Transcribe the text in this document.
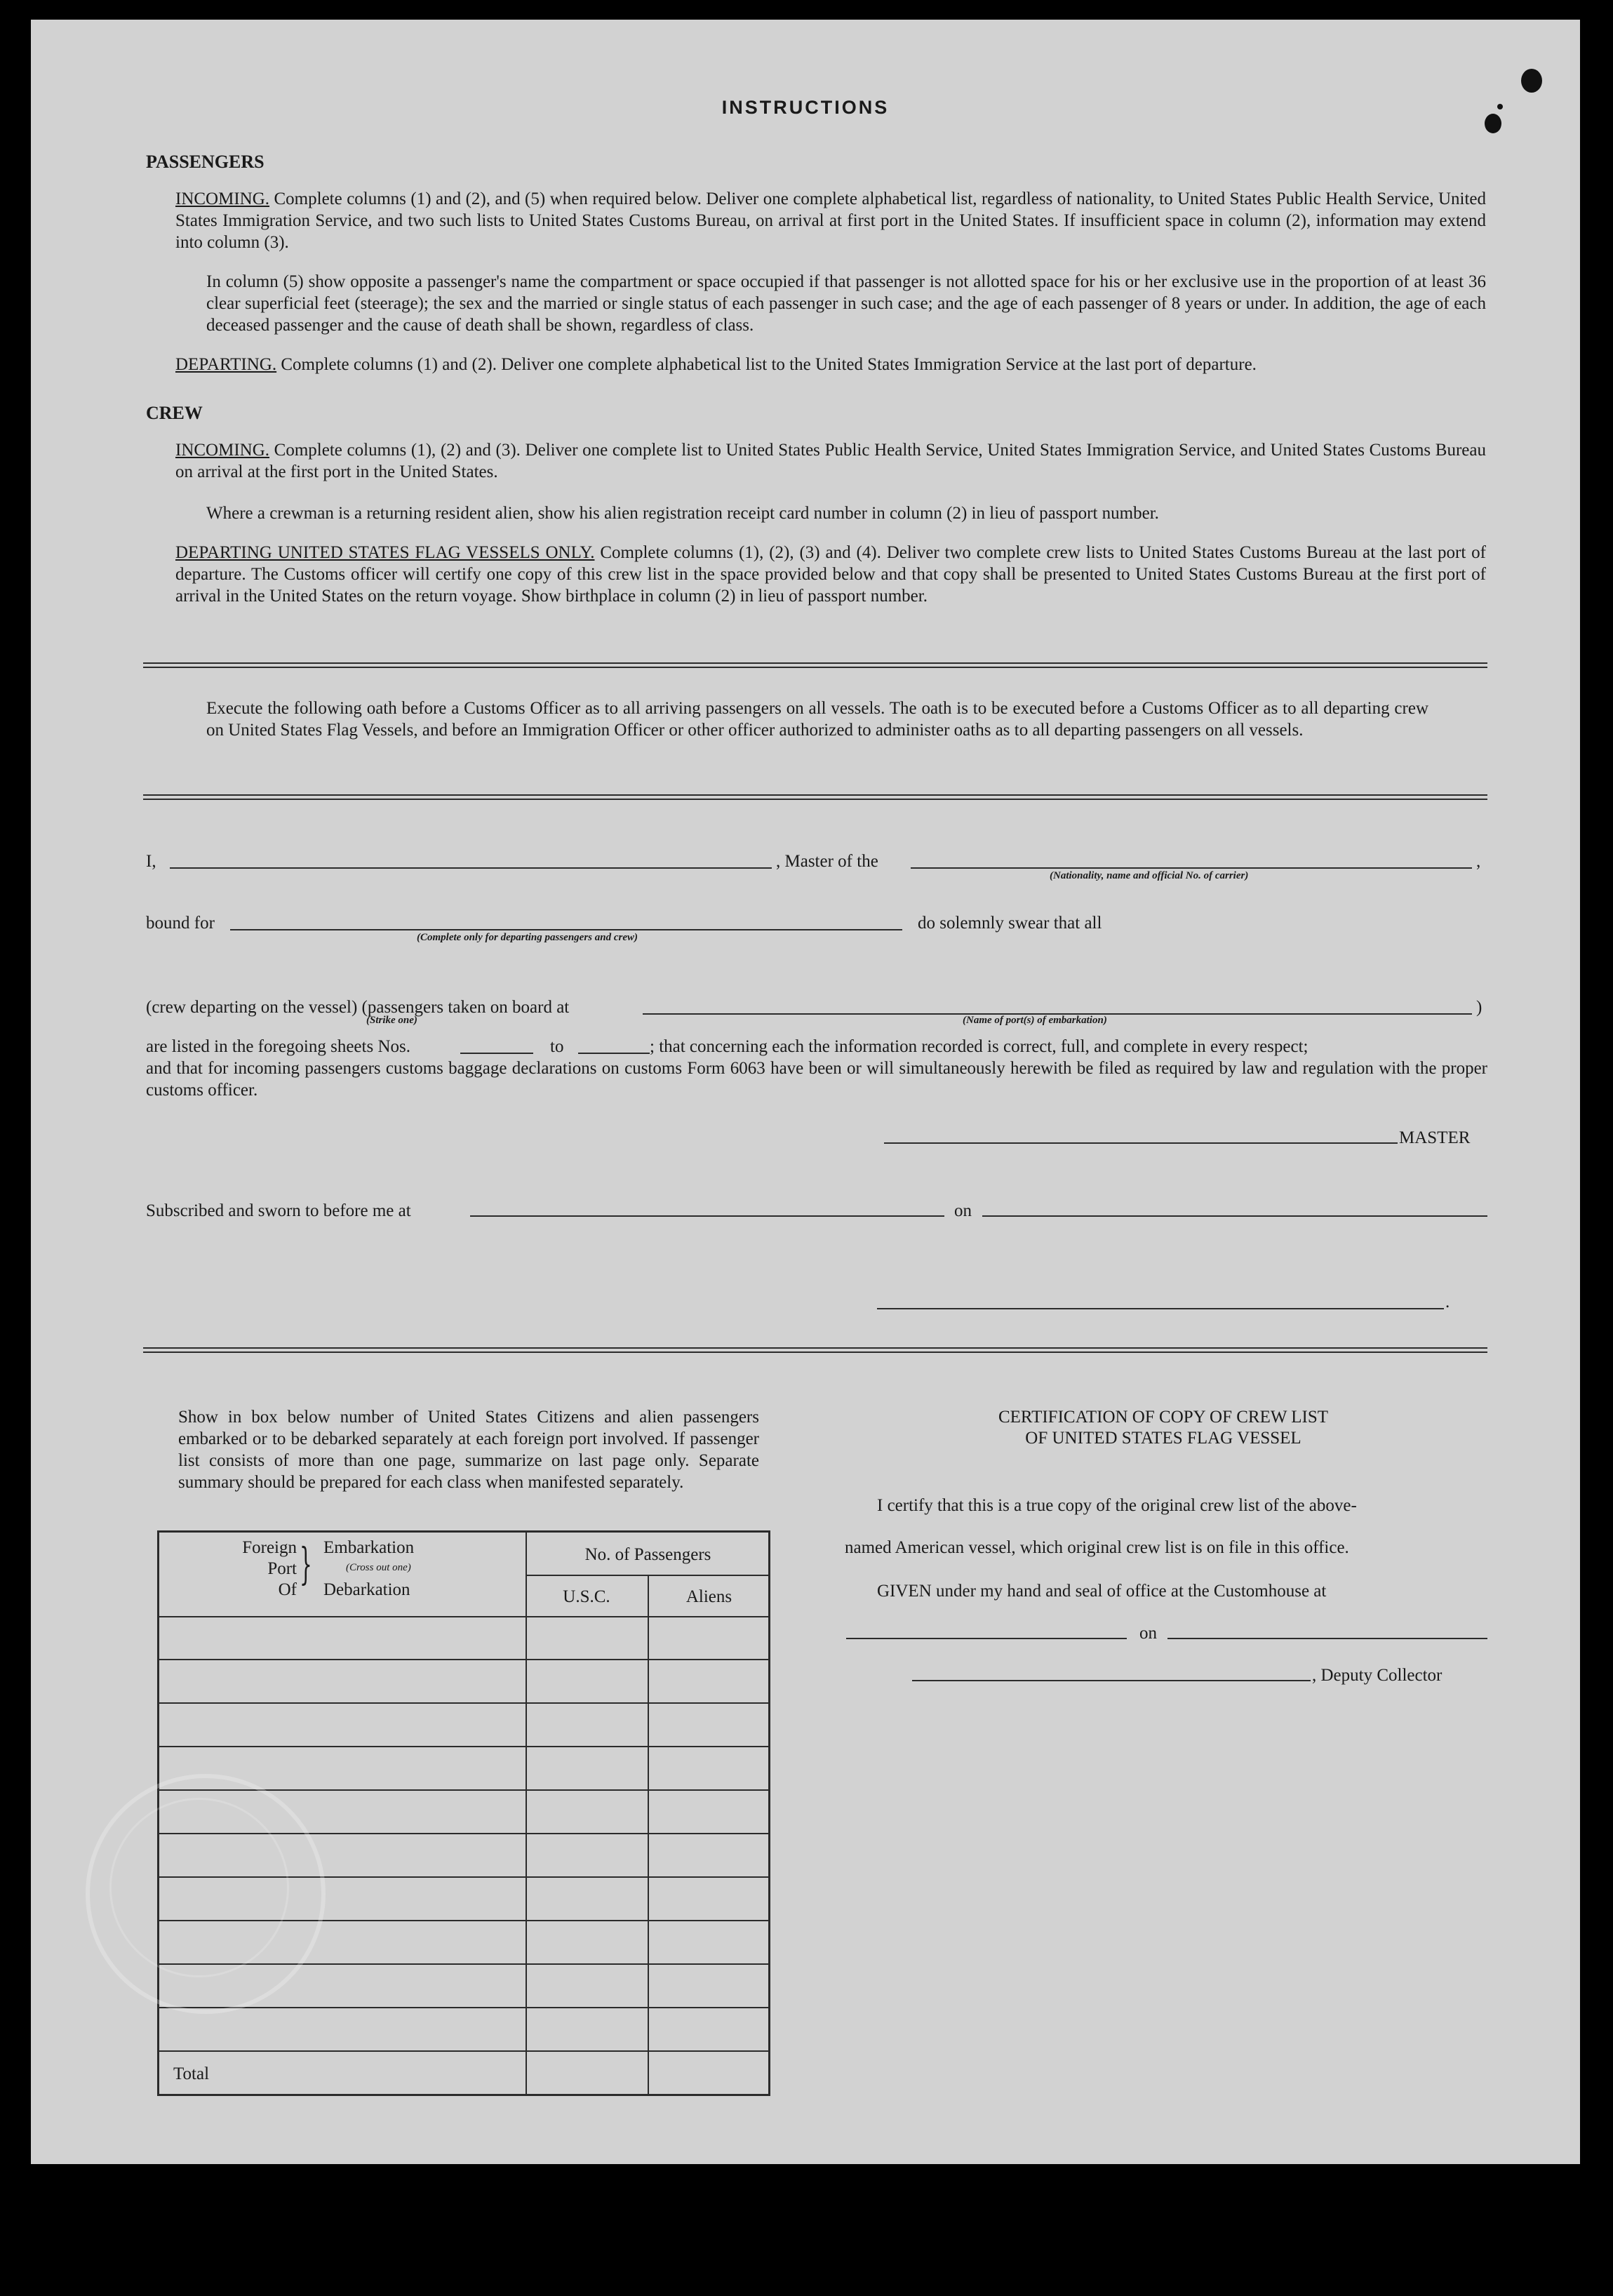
INSTRUCTIONS
PASSENGERS
INCOMING. Complete columns (1) and (2), and (5) when required below. Deliver one complete alphabetical list, regardless of nationality, to United States Public Health Service, United States Immigration Service, and two such lists to United States Customs Bureau, on arrival at first port in the United States. If insufficient space in column (2), information may extend into column (3).
In column (5) show opposite a passenger's name the compartment or space occupied if that passenger is not allotted space for his or her exclusive use in the proportion of at least 36 clear superficial feet (steerage); the sex and the married or single status of each passenger in such case; and the age of each passenger of 8 years or under. In addition, the age of each deceased passenger and the cause of death shall be shown, regardless of class.
DEPARTING. Complete columns (1) and (2). Deliver one complete alphabetical list to the United States Immigration Service at the last port of departure.
CREW
INCOMING. Complete columns (1), (2) and (3). Deliver one complete list to United States Public Health Service, United States Immigration Service, and United States Customs Bureau on arrival at the first port in the United States.
Where a crewman is a returning resident alien, show his alien registration receipt card number in column (2) in lieu of passport number.
DEPARTING UNITED STATES FLAG VESSELS ONLY. Complete columns (1), (2), (3) and (4). Deliver two complete crew lists to United States Customs Bureau at the last port of departure. The Customs officer will certify one copy of this crew list in the space provided below and that copy shall be presented to United States Customs Bureau at the first port of arrival in the United States on the return voyage. Show birthplace in column (2) in lieu of passport number.
Execute the following oath before a Customs Officer as to all arriving passengers on all vessels. The oath is to be executed before a Customs Officer as to all departing crew on United States Flag Vessels, and before an Immigration Officer or other officer authorized to administer oaths as to all departing passengers on all vessels.
I,	, Master of the	,
(Nationality, name and official No. of carrier)
bound for
(Complete only for departing passengers and crew)
do solemnly swear that all
(crew departing on the vessel) (passengers taken on board at	)
(Strike one)	(Name of port(s) of embarkation)
are listed in the foregoing sheets Nos.	to	; that concerning each the information recorded is correct, full, and complete in every respect;
and that for incoming passengers customs baggage declarations on customs Form 6063 have been or will simultaneously herewith be filed as required by law and regulation with the proper customs officer.
MASTER
Subscribed and sworn to before me at	on
.
Show in box below number of United States Citizens and alien passengers embarked or to be debarked separately at each foreign port involved. If passenger list consists of more than one page, summarize on last page only. Separate summary should be prepared for each class when manifested separately.
Foreign
Port
Of
} Embarkation
(Cross out one)
Debarkation
No. of Passengers
U.S.C.	Aliens
Total
CERTIFICATION OF COPY OF CREW LIST
OF UNITED STATES FLAG VESSEL
I certify that this is a true copy of the original crew list of the above-
named American vessel, which original crew list is on file in this office.
GIVEN under my hand and seal of office at the Customhouse at
on
, Deputy Collector
